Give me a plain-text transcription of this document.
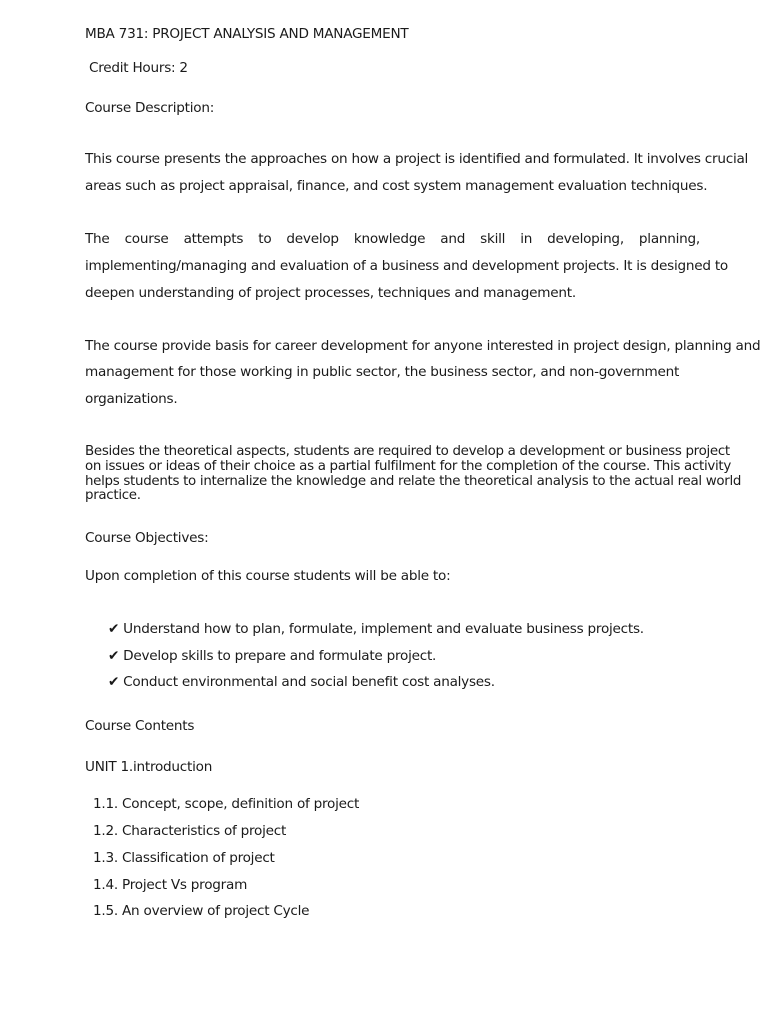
MBA 731: PROJECT ANALYSIS AND MANAGEMENT
Credit Hours: 2
Course Description:
This course presents the approaches on how a project is identified and formulated. It involves crucial
areas such as project appraisal, finance, and cost system management evaluation techniques.
The course attempts to develop knowledge and skill in developing, planning,
implementing/managing and evaluation of a business and development projects. It is designed to
deepen understanding of project processes, techniques and management.
The course provide basis for career development for anyone interested in project design, planning and
management for those working in public sector, the business sector, and non-government
organizations.
Besides the theoretical aspects, students are required to develop a development or business project
on issues or ideas of their choice as a partial fulfilment for the completion of the course. This activity
helps students to internalize the knowledge and relate the theoretical analysis to the actual real world
practice.
Course Objectives:
Upon completion of this course students will be able to:
✔ Understand how to plan, formulate, implement and evaluate business projects.
✔ Develop skills to prepare and formulate project.
✔ Conduct environmental and social benefit cost analyses.
Course Contents
UNIT 1.introduction
1.1. Concept, scope, definition of project
1.2. Characteristics of project
1.3. Classification of project
1.4. Project Vs program
1.5. An overview of project Cycle
